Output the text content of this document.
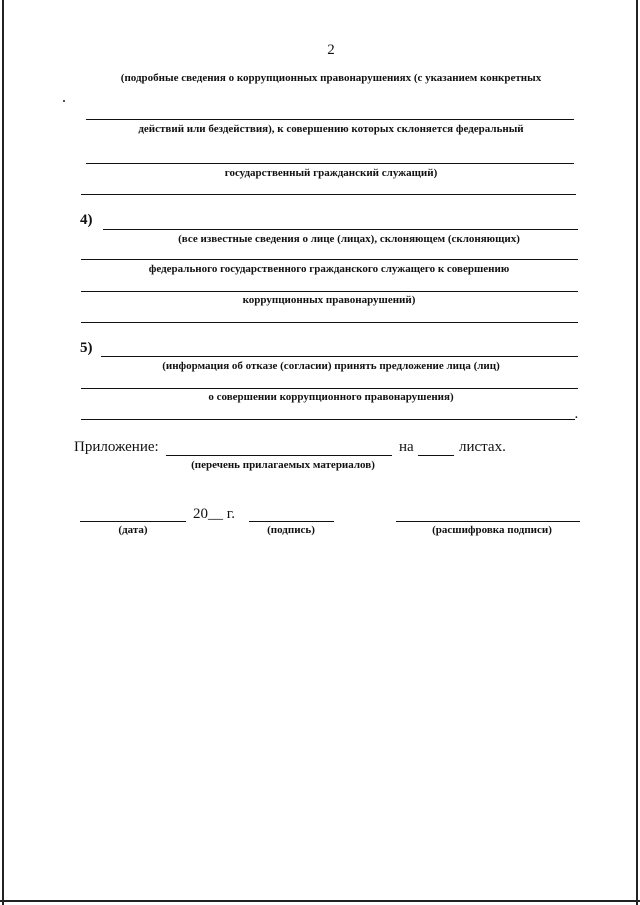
2
(подробные сведения о коррупционных правонарушениях (с указанием конкретных
действий или бездействия), к совершению которых склоняется федеральный
государственный гражданский служащий)
4)
(все известные сведения о лице (лицах), склоняющем (склоняющих)
федерального государственного гражданского служащего к совершению
коррупционных правонарушений)
5)
(информация об отказе (согласии) принять предложение лица (лиц)
о совершении коррупционного правонарушения)
.
Приложение:	на	листах.
(перечень прилагаемых материалов)
20__ г.
(дата)	(подпись)	(расшифровка подписи)
